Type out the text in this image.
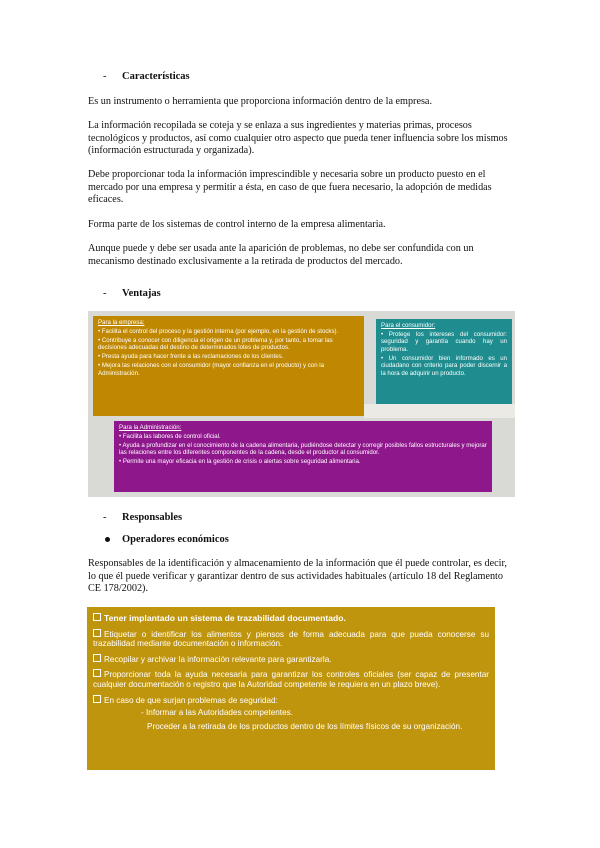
- Características
Es un instrumento o herramienta que proporciona información dentro de la empresa.
La información recopilada se coteja y se enlaza a sus ingredientes y materias primas, procesos tecnológicos y productos, así como cualquier otro aspecto que pueda tener influencia sobre los mismos (información estructurada y organizada).
Debe proporcionar toda la información imprescindible y necesaria sobre un producto puesto en el mercado por una empresa y permitir a ésta, en caso de que fuera necesario, la adopción de medidas eficaces.
Forma parte de los sistemas de control interno de la empresa alimentaria.
Aunque puede y debe ser usada ante la aparición de problemas, no debe ser confundida con un mecanismo destinado exclusivamente a la retirada de productos del mercado.
- Ventajas
Para la empresa:
• Facilita el control del proceso y la gestión interna (por ejemplo, en la gestión de stocks).
• Contribuye a conocer con diligencia el origen de un problema y, por tanto, a tomar las decisiones adecuadas del destino de determinados lotes de productos.
• Presta ayuda para hacer frente a las reclamaciones de los clientes.
• Mejora las relaciones con el consumidor (mayor confianza en el producto) y con la Administración.
Para el consumidor:
• Protege los intereses del consumidor: seguridad y garantía cuando hay un problema.
• Un consumidor bien informado es un ciudadano con criterio para poder discernir a la hora de adquirir un producto.
Para la Administración:
• Facilita las labores de control oficial.
• Ayuda a profundizar en el conocimiento de la cadena alimentaria, pudiéndose detectar y corregir posibles fallos estructurales y mejorar las relaciones entre los diferentes componentes de la cadena, desde el productor al consumidor.
• Permite una mayor eficacia en la gestión de crisis o alertas sobre seguridad alimentaria.
- Responsables
Operadores económicos
Responsables de la identificación y almacenamiento de la información que él puede controlar, es decir, lo que él puede verificar y garantizar dentro de sus actividades habituales (artículo 18 del Reglamento CE 178/2002).
Tener implantado un sistema de trazabilidad documentado.
Etiquetar o identificar los alimentos y piensos de forma adecuada para que pueda conocerse su trazabilidad mediante documentación o información.
Recopilar y archivar la información relevante para garantizarla.
Proporcionar toda la ayuda necesaria para garantizar los controles oficiales (ser capaz de presentar cualquier documentación o registro que la Autoridad competente le requiera en un plazo breve).
En caso de que surjan problemas de seguridad:
- Informar a las Autoridades competentes.
Proceder a la retirada de los productos dentro de los límites físicos de su organización.
